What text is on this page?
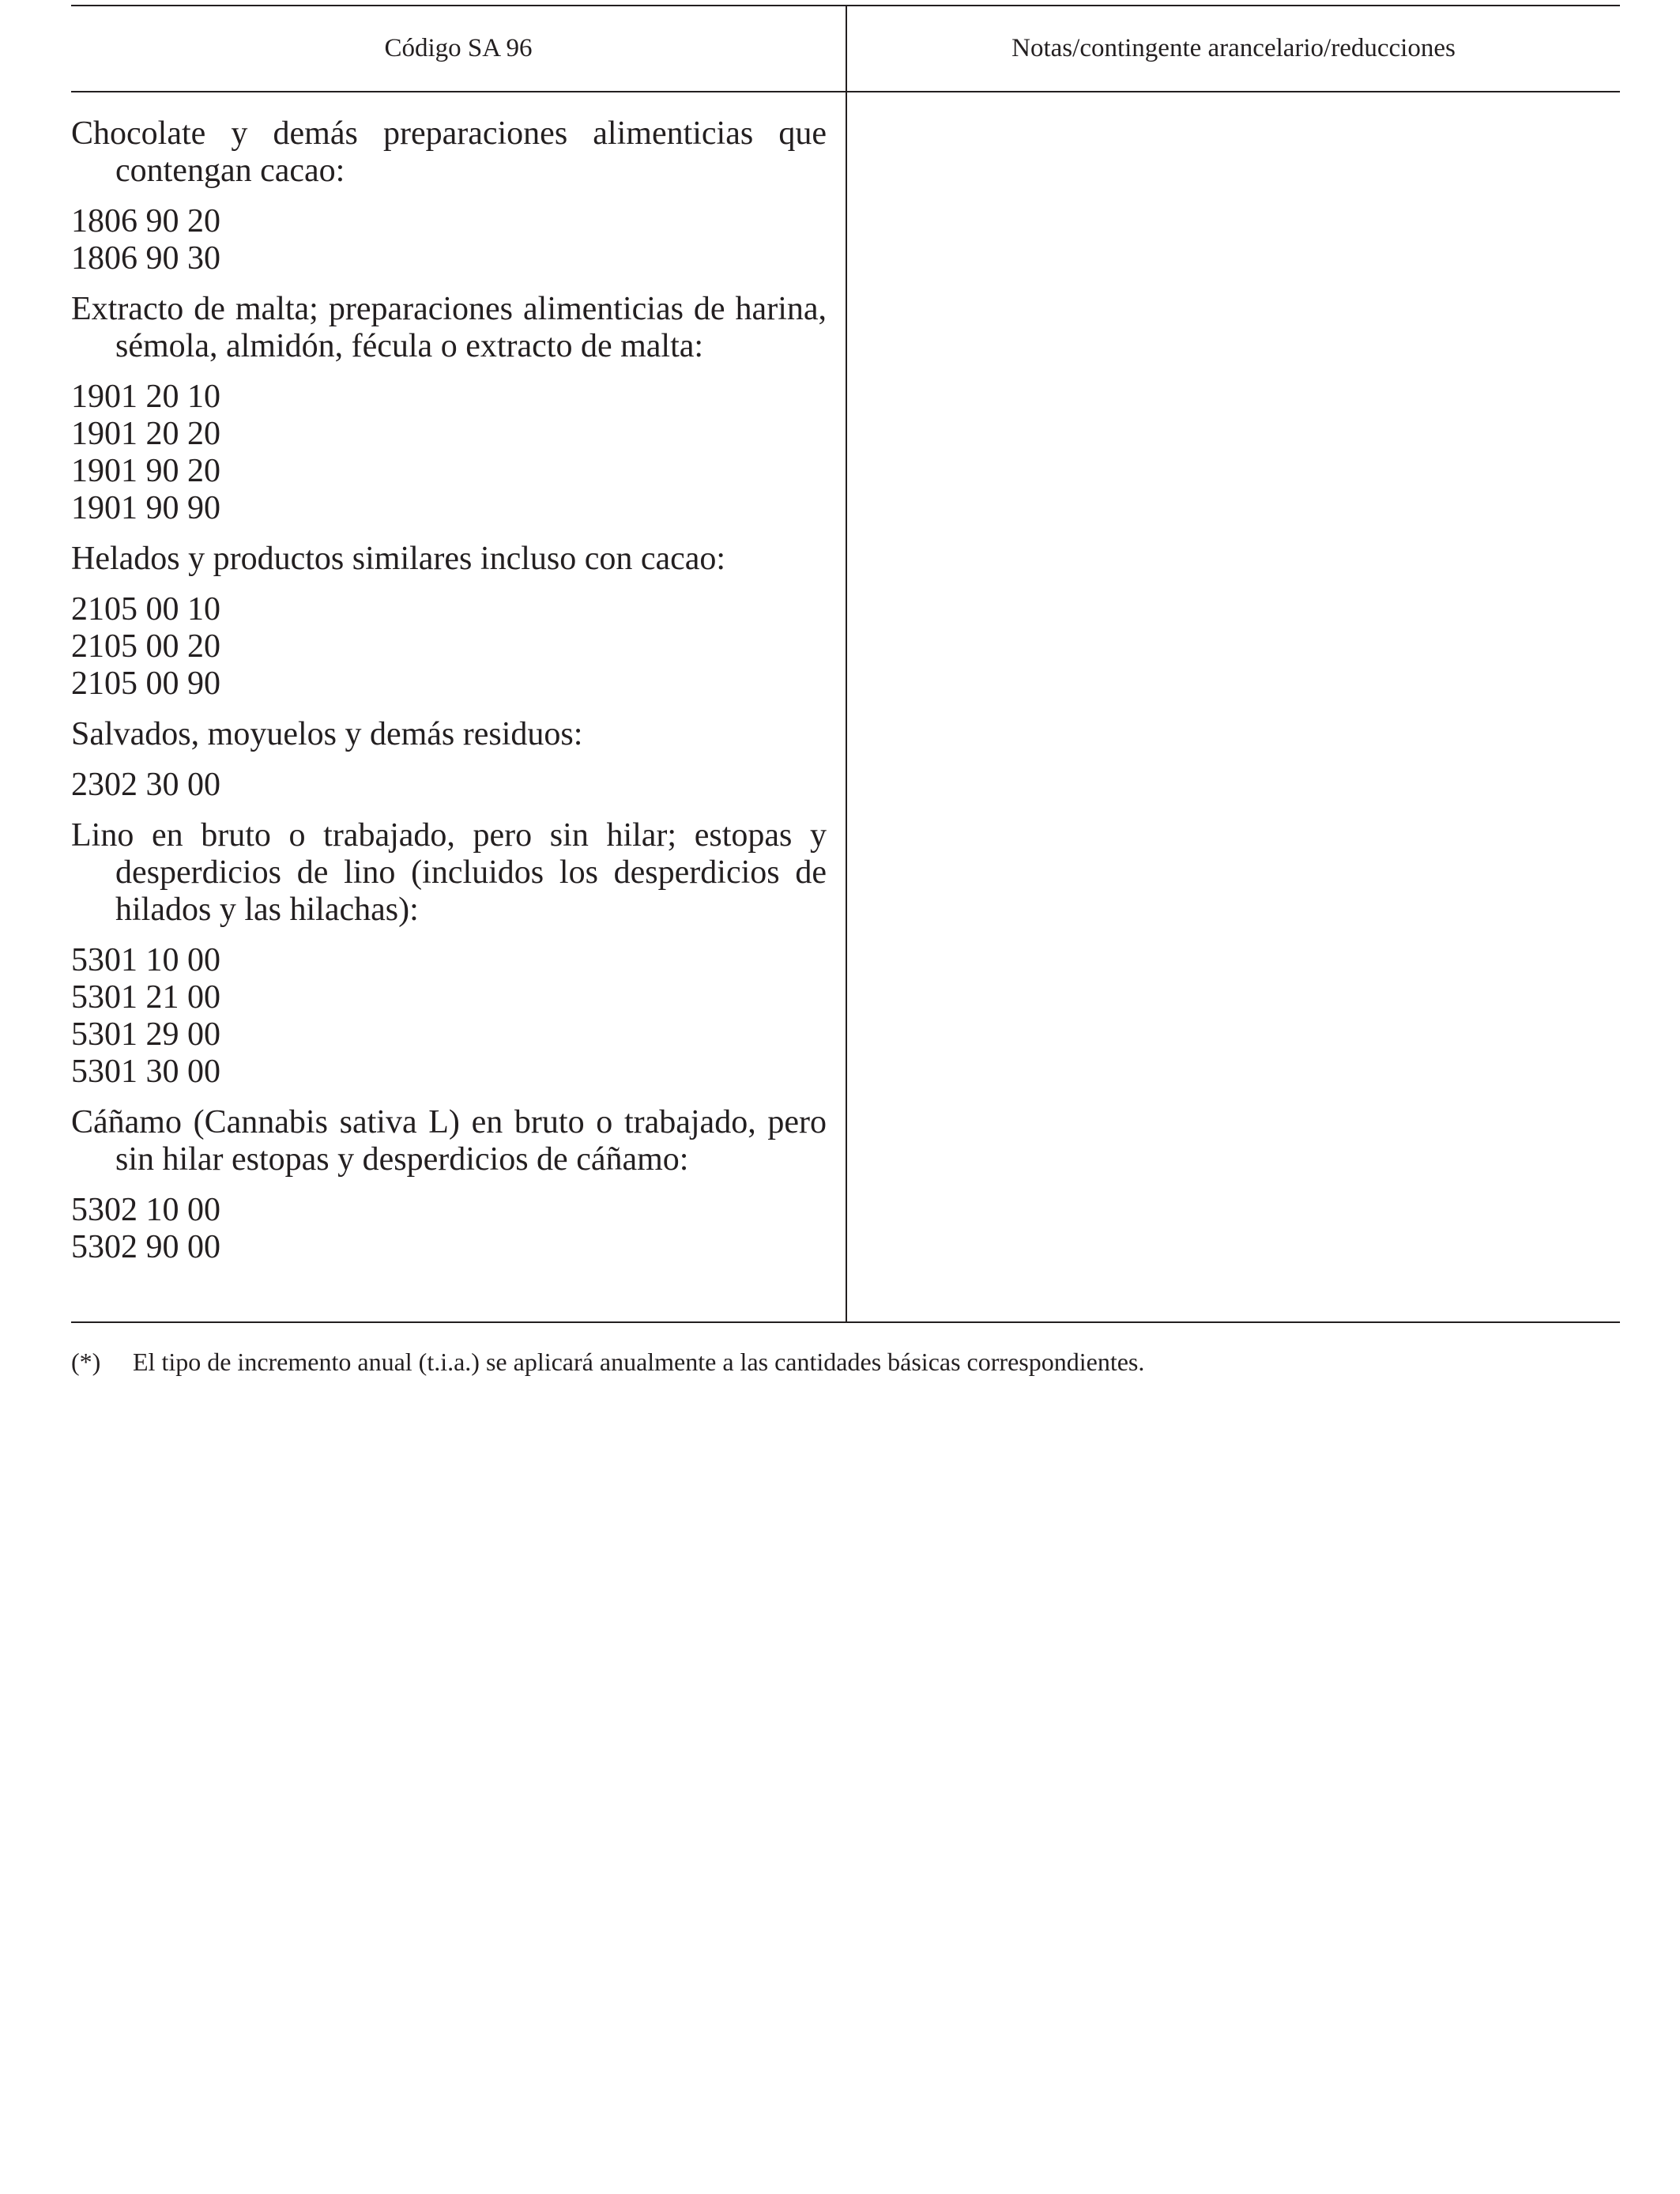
Código SA 96	Notas/contingente arancelario/reducciones
Chocolate y demás preparaciones alimenticias que contengan cacao:
1806 90 20
1806 90 30
Extracto de malta; preparaciones alimenticias de harina, sémola, almidón, fécula o extracto de malta:
1901 20 10
1901 20 20
1901 90 20
1901 90 90
Helados y productos similares incluso con cacao:
2105 00 10
2105 00 20
2105 00 90
Salvados, moyuelos y demás residuos:
2302 30 00
Lino en bruto o trabajado, pero sin hilar; estopas y desperdicios de lino (incluidos los desperdicios de hilados y las hilachas):
5301 10 00
5301 21 00
5301 29 00
5301 30 00
Cáñamo (Cannabis sativa L) en bruto o trabajado, pero sin hilar estopas y desperdicios de cáñamo:
5302 10 00
5302 90 00
(*)	El tipo de incremento anual (t.i.a.) se aplicará anualmente a las cantidades básicas correspondientes.
